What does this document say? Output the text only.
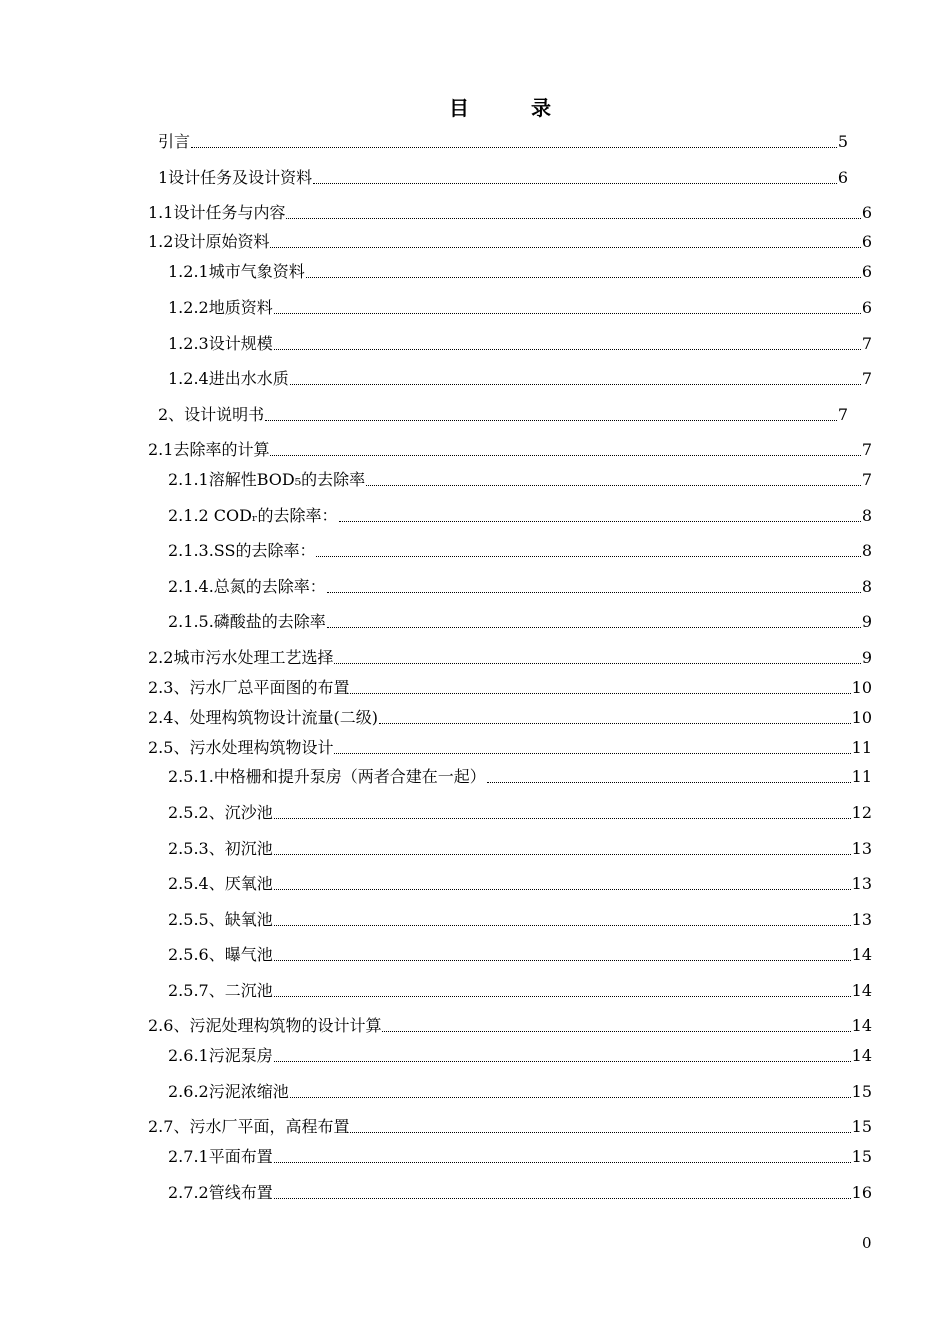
目	录
引言	5
1设计任务及设计资料	6
1.1设计任务与内容	6
1.2设计原始资料	6
1.2.1城市气象资料	6
1.2.2地质资料	6
1.2.3设计规模	7
1.2.4进出水水质	7
2、设计说明书	7
2.1去除率的计算	7
2.1.1溶解性BOD₅的去除率	7
2.1.2 CODᵣ的去除率：	8
2.1.3.SS的去除率：	8
2.1.4.总氮的去除率：	8
2.1.5.磷酸盐的去除率	9
2.2城市污水处理工艺选择	9
2.3、污水厂总平面图的布置	10
2.4、处理构筑物设计流量(二级)	10
2.5、污水处理构筑物设计	11
2.5.1.中格栅和提升泵房（两者合建在一起）	11
2.5.2、沉沙池	12
2.5.3、初沉池	13
2.5.4、厌氧池	13
2.5.5、缺氧池	13
2.5.6、曝气池	14
2.5.7、二沉池	14
2.6、污泥处理构筑物的设计计算	14
2.6.1污泥泵房	14
2.6.2污泥浓缩池	15
2.7、污水厂平面，高程布置	15
2.7.1平面布置	15
2.7.2管线布置	16
0
